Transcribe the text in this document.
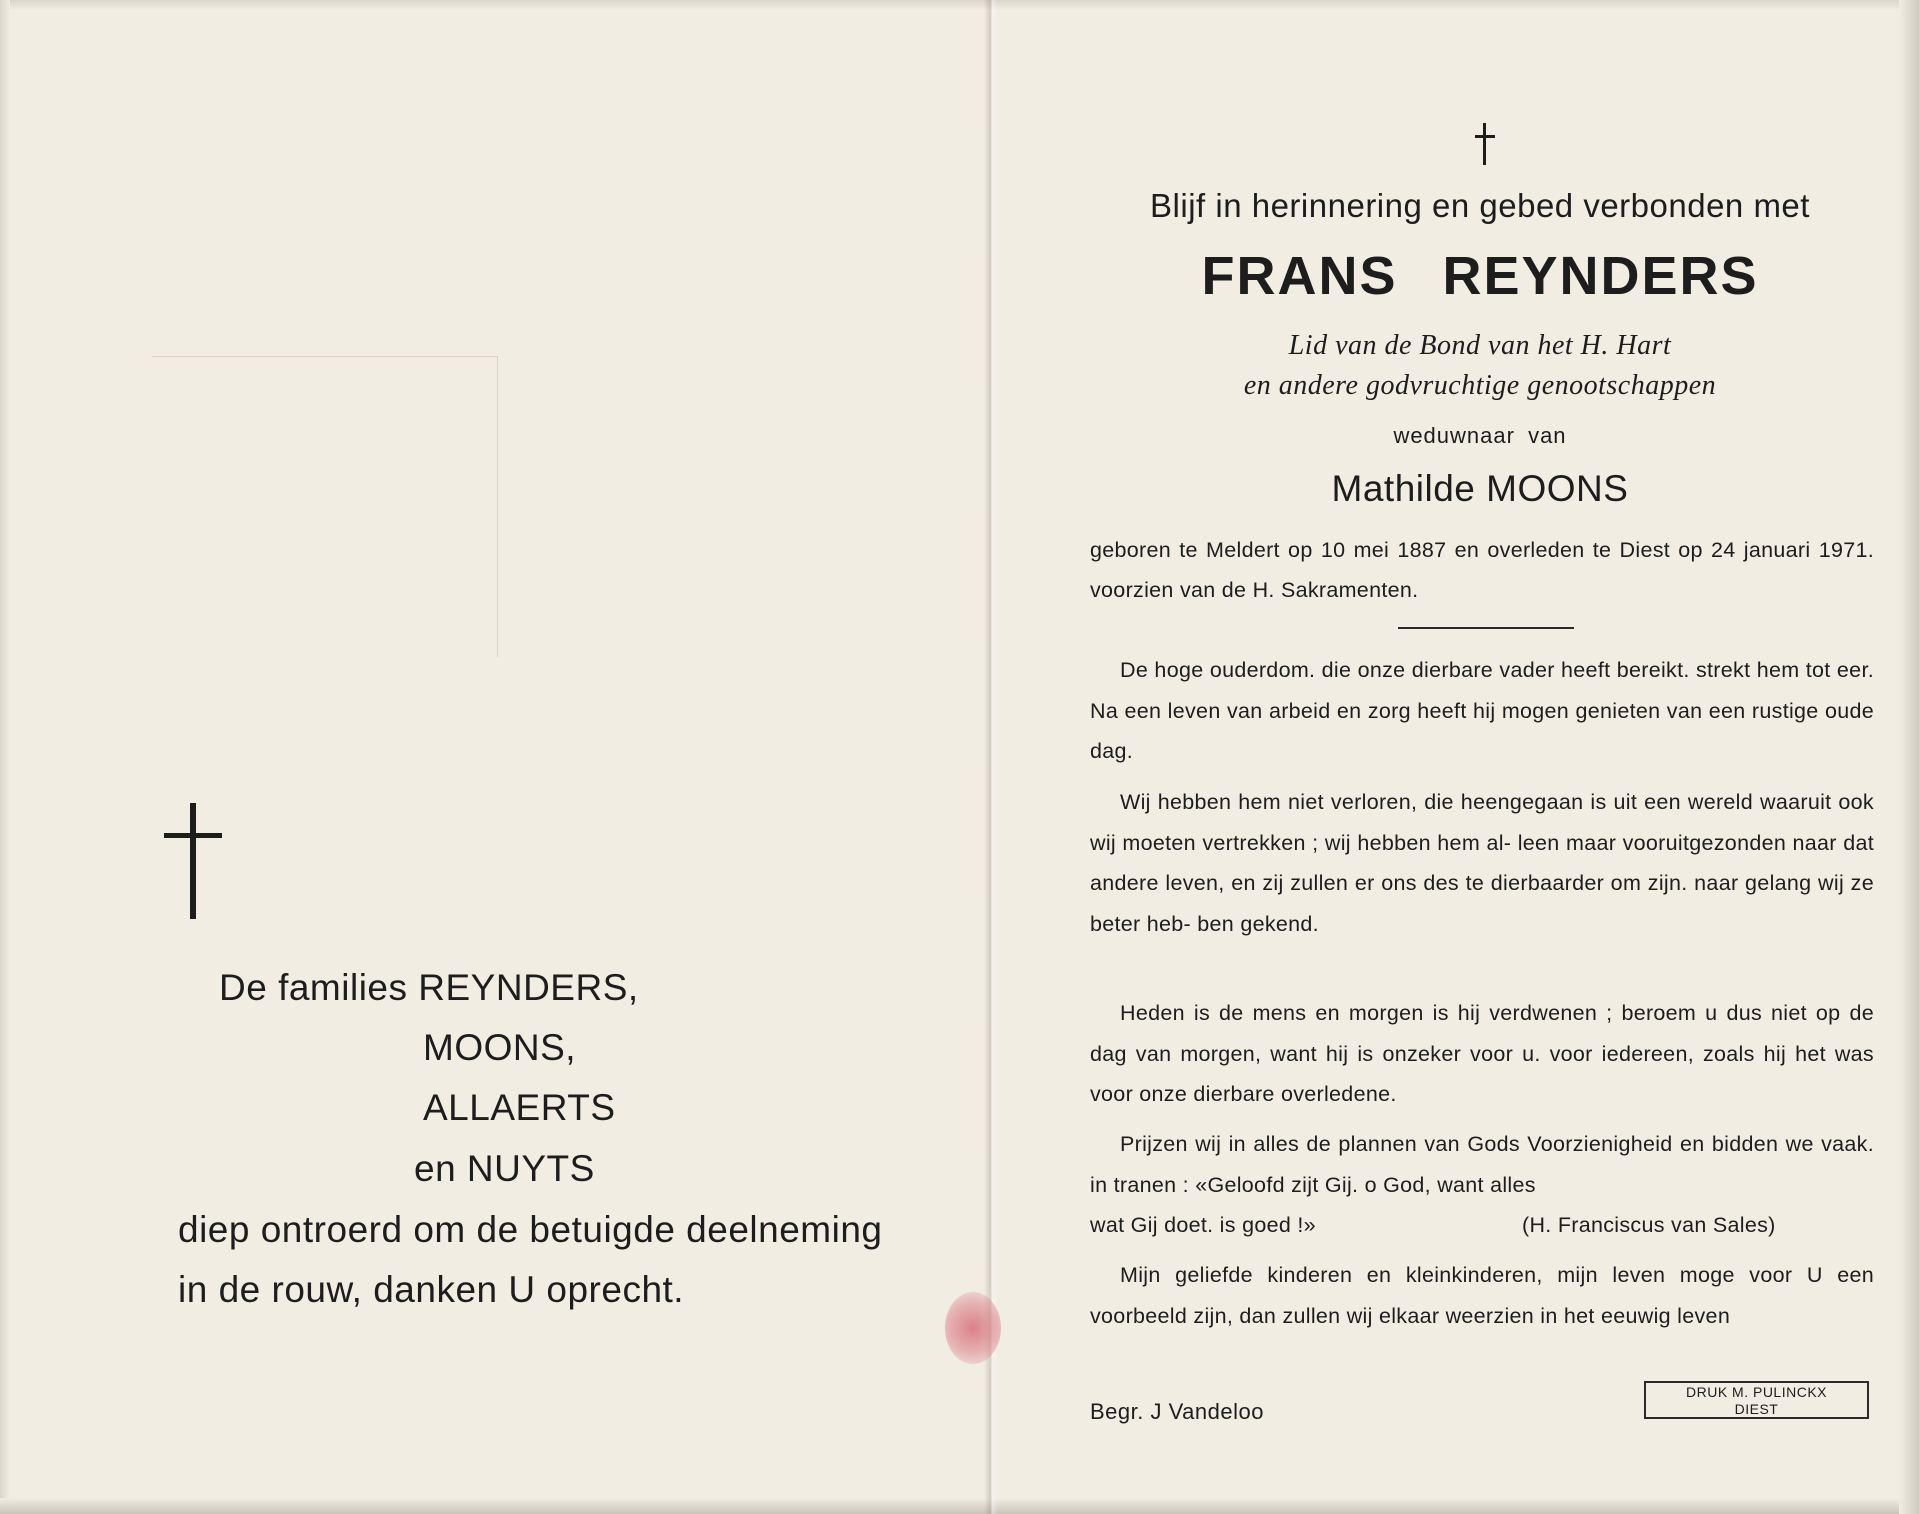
De families REYNDERS,

MOONS,

ALLAERTS

en NUYTS

diep ontroerd om de betuigde deelneming

in de rouw, danken U oprecht.

Blijf in herinnering en gebed verbonden met

FRANS REYNDERS

Lid van de Bond van het H. Hart

en andere godvruchtige genootschappen

weduwnaar van

Mathilde MOONS

geboren te Meldert op 10 mei 1887 en overleden te Diest op 24 januari 1971. voorzien van de H. Sakramenten.

De hoge ouderdom. die onze dierbare vader heeft bereikt. strekt hem tot eer. Na een leven van arbeid en zorg heeft hij mogen genieten van een rustige oude dag.

Wij hebben hem niet verloren, die heengegaan is uit een wereld waaruit ook wij moeten vertrekken ; wij hebben hem al- leen maar vooruitgezonden naar dat andere leven, en zij zullen er ons des te dierbaarder om zijn. naar gelang wij ze beter heb- ben gekend.

Heden is de mens en morgen is hij verdwenen ; beroem u dus niet op de dag van morgen, want hij is onzeker voor u. voor iedereen, zoals hij het was voor onze dierbare overledene.

Prijzen wij in alles de plannen van Gods Voorzienigheid en bidden we vaak. in tranen : «Geloofd zijt Gij. o God, want alles

wat Gij doet. is goed !»	(H. Franciscus van Sales)

Mijn geliefde kinderen en kleinkinderen, mijn leven moge voor U een voorbeeld zijn, dan zullen wij elkaar weerzien in het eeuwig leven

Begr. J Vandeloo

DRUK M. PULINCKX
DIEST
